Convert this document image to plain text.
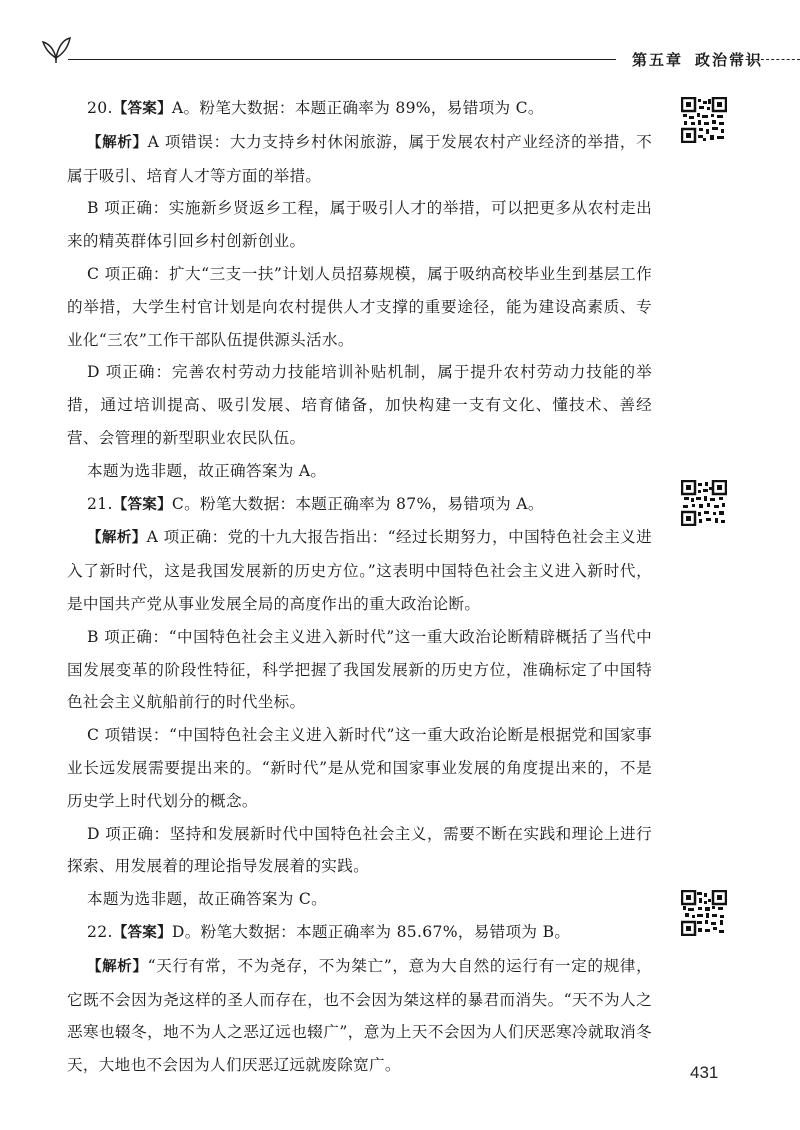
第五章 政治常识

20.【答案】A。粉笔大数据：本题正确率为 89%，易错项为 C。

【解析】A 项错误：大力支持乡村休闲旅游，属于发展农村产业经济的举措，不属于吸引、培育人才等方面的举措。

B 项正确：实施新乡贤返乡工程，属于吸引人才的举措，可以把更多从农村走出来的精英群体引回乡村创新创业。

C 项正确：扩大“三支一扶”计划人员招募规模，属于吸纳高校毕业生到基层工作的举措，大学生村官计划是向农村提供人才支撑的重要途径，能为建设高素质、专业化“三农”工作干部队伍提供源头活水。

D 项正确：完善农村劳动力技能培训补贴机制，属于提升农村劳动力技能的举措，通过培训提高、吸引发展、培育储备，加快构建一支有文化、懂技术、善经营、会管理的新型职业农民队伍。

本题为选非题，故正确答案为 A。

21.【答案】C。粉笔大数据：本题正确率为 87%，易错项为 A。

【解析】A 项正确：党的十九大报告指出：“经过长期努力，中国特色社会主义进入了新时代，这是我国发展新的历史方位。”这表明中国特色社会主义进入新时代，是中国共产党从事业发展全局的高度作出的重大政治论断。

B 项正确：“中国特色社会主义进入新时代”这一重大政治论断精辟概括了当代中国发展变革的阶段性特征，科学把握了我国发展新的历史方位，准确标定了中国特色社会主义航船前行的时代坐标。

C 项错误：“中国特色社会主义进入新时代”这一重大政治论断是根据党和国家事业长远发展需要提出来的。“新时代”是从党和国家事业发展的角度提出来的，不是历史学上时代划分的概念。

D 项正确：坚持和发展新时代中国特色社会主义，需要不断在实践和理论上进行探索、用发展着的理论指导发展着的实践。

本题为选非题，故正确答案为 C。

22.【答案】D。粉笔大数据：本题正确率为 85.67%，易错项为 B。

【解析】“天行有常，不为尧存，不为桀亡”，意为大自然的运行有一定的规律，它既不会因为尧这样的圣人而存在，也不会因为桀这样的暴君而消失。“天不为人之恶寒也辍冬，地不为人之恶辽远也辍广”，意为上天不会因为人们厌恶寒冷就取消冬天，大地也不会因为人们厌恶辽远就废除宽广。	431
